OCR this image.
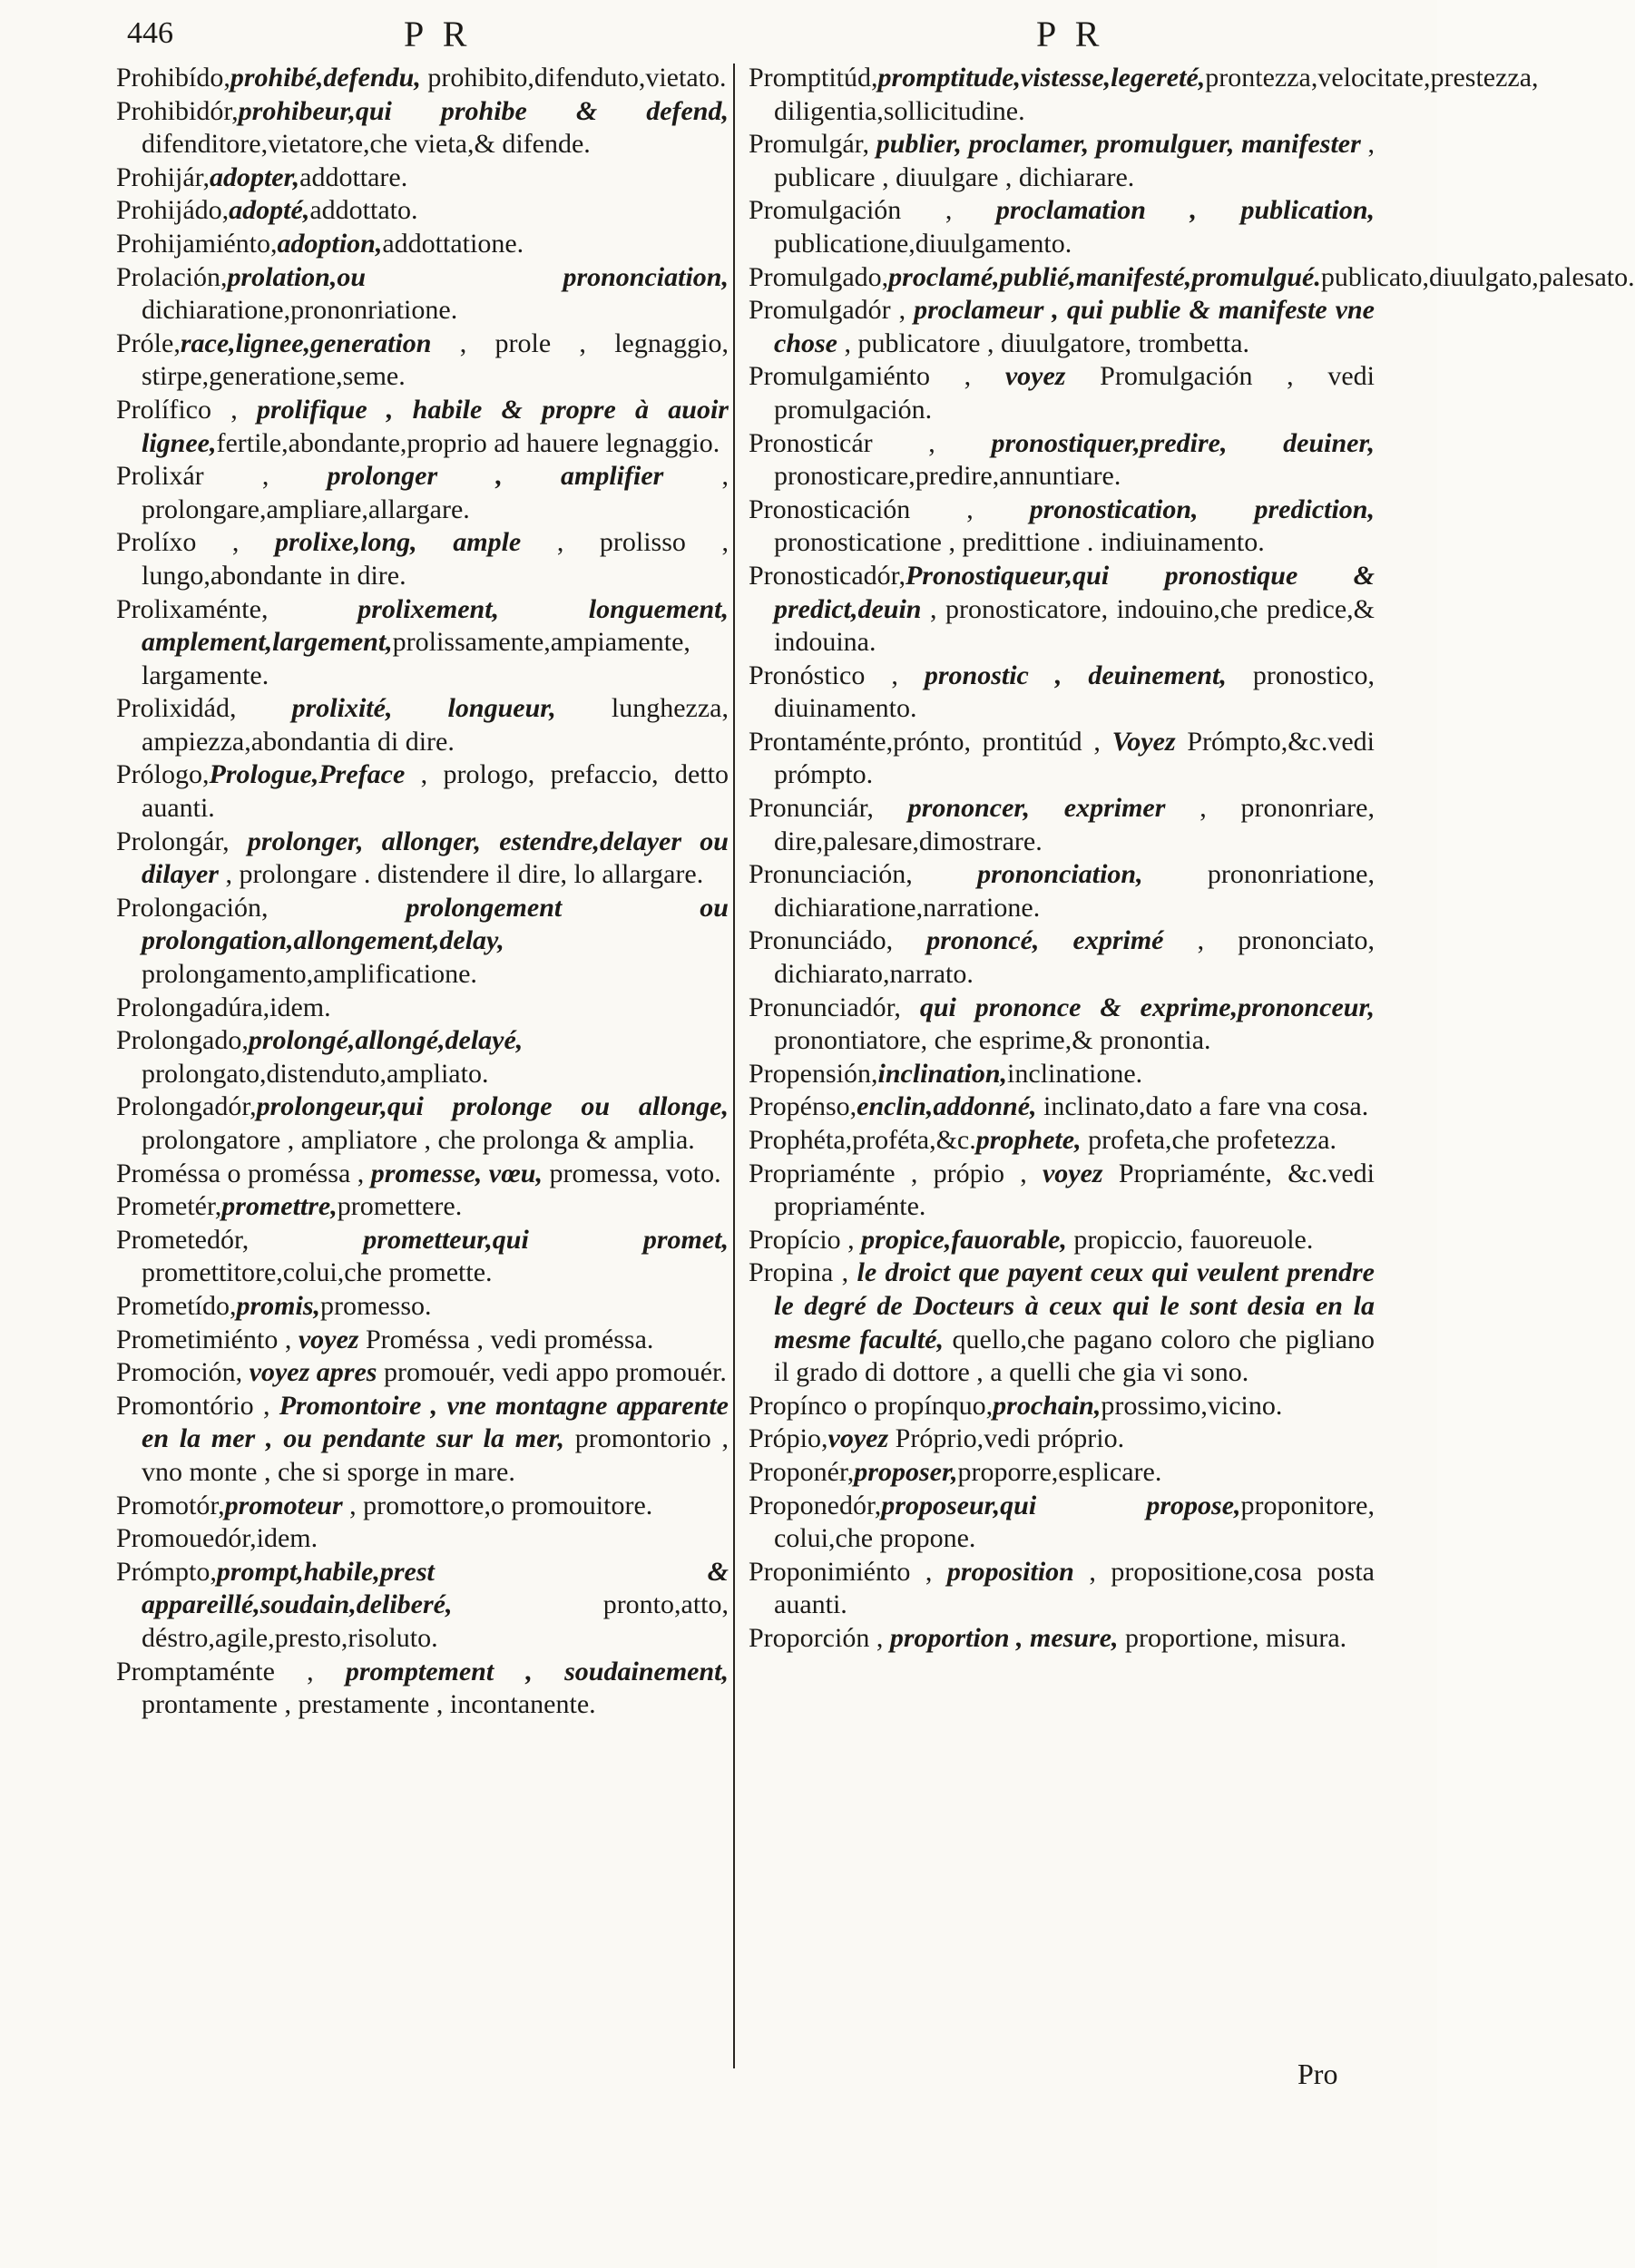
446	P R	P R

Prohibído,prohibé,defendu, prohibito,difenduto,vietato.

Prohibidór,prohibeur,qui prohibe & defend, difenditore,vietatore,che vieta,& difende.

Prohijár,adopter,addottare.

Prohijádo,adopté,addottato.

Prohijamiénto,adoption,addottatione.

Prolación,prolation,ou prononciation, dichiaratione,prononriatione.

Próle,race,lignee,generation , prole , legnaggio, stirpe,generatione,seme.

Prolífico , prolifique , habile & propre à auoir lignee,fertile,abondante,proprio ad hauere legnaggio.

Prolixár , prolonger , amplifier , prolongare,ampliare,allargare.

Prolíxo , prolixe,long, ample , prolisso , lungo,abondante in dire.

Prolixaménte, prolixement, longuement, amplement,largement,prolissamente,ampiamente, largamente.

Prolixidád, prolixité, longueur, lunghezza, ampiezza,abondantia di dire.

Prólogo,Prologue,Preface , prologo, prefaccio, detto auanti.

Prolongár, prolonger, allonger, estendre,delayer ou dilayer , prolongare . distendere il dire, lo allargare.

Prolongación, prolongement ou prolongation,allongement,delay, prolongamento,amplificatione.

Prolongadúra,idem.

Prolongado,prolongé,allongé,delayé, prolongato,distenduto,ampliato.

Prolongadór,prolongeur,qui prolonge ou allonge, prolongatore , ampliatore , che prolonga & amplia.

Proméssa o proméssa , promesse, vœu, promessa, voto.

Prometér,promettre,promettere.

Prometedór, prometteur,qui promet, promettitore,colui,che promette.

Prometído,promis,promesso.

Prometimiénto , voyez Proméssa , vedi proméssa.

Promoción, voyez apres promouér, vedi appo promouér.

Promontório , Promontoire , vne montagne apparente en la mer , ou pendante sur la mer, promontorio , vno monte , che si sporge in mare.

Promotór,promoteur , promottore,o promouitore.

Promouedór,idem.

Prómpto,prompt,habile,prest & appareillé,soudain,deliberé, pronto,atto, déstro,agile,presto,risoluto.

Promptaménte , promptement , soudainement, prontamente , prestamente , incontanente.

Promptitúd,promptitude,vistesse,legereté,prontezza,velocitate,prestezza, diligentia,sollicitudine.

Promulgár, publier, proclamer, promulguer, manifester , publicare , diuulgare , dichiarare.

Promulgación , proclamation , publication, publicatione,diuulgamento.

Promulgado,proclamé,publié,manifesté,promulgué.publicato,diuulgato,palesato.

Promulgadór , proclameur , qui publie & manifeste vne chose , publicatore , diuulgatore, trombetta.

Promulgamiénto , voyez Promulgación , vedi promulgación.

Pronosticár , pronostiquer,predire, deuiner, pronosticare,predire,annuntiare.

Pronosticación , pronostication, prediction, pronosticatione , predittione . indiuinamento.

Pronosticadór,Pronostiqueur,qui pronostique & predict,deuin , pronosticatore, indouino,che predice,& indouina.

Pronóstico , pronostic , deuinement, pronostico, diuinamento.

Prontaménte,prónto, prontitúd , Voyez Prómpto,&c.vedi prómpto.

Pronunciár, prononcer, exprimer , prononriare, dire,palesare,dimostrare.

Pronunciación, prononciation, prononriatione, dichiaratione,narratione.

Pronunciádo, prononcé, exprimé , prononciato, dichiarato,narrato.

Pronunciadór, qui prononce & exprime,prononceur, pronontiatore, che esprime,& pronontia.

Propensión,inclination,inclinatione.

Propénso,enclin,addonné, inclinato,dato a fare vna cosa.

Prophéta,proféta,&c.prophete, profeta,che profetezza.

Propriaménte , própio , voyez Propriaménte, &c.vedi propriaménte.

Propício , propice,fauorable, propiccio, fauoreuole.

Propina , le droict que payent ceux qui veulent prendre le degré de Docteurs à ceux qui le sont desia en la mesme faculté, quello,che pagano coloro che pigliano il grado di dottore , a quelli che gia vi sono.

Propínco o propínquo,prochain,prossimo,vicino.

Própio,voyez Próprio,vedi próprio.

Proponér,proposer,proporre,esplicare.

Proponedór,proposeur,qui propose,proponitore, colui,che propone.

Proponimiénto , proposition , propositione,cosa posta auanti.

Proporción , proportion , mesure, proportione, misura.

Pro
